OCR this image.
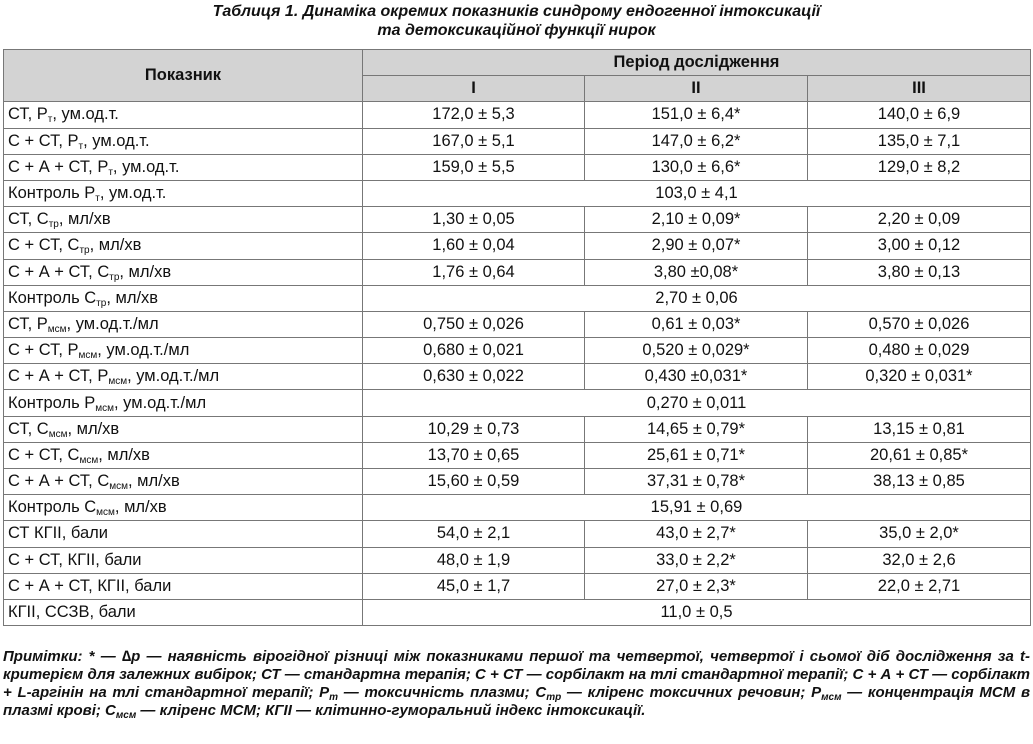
Таблиця 1. Динаміка окремих показників синдрому ендогенної інтоксикації
та детоксикаційної функції нирок
Показник	Період дослідження		
	I	II	III
СТ, $Р_т$, ум.од.т.	172,0 ± 5,3	151,0 ± 6,4*	140,0 ± 6,9
С + СТ, $Р_т$, ум.од.т.	167,0 ± 5,1	147,0 ± 6,2*	135,0 ± 7,1
С + А + СТ, $Р_т$, ум.од.т.	159,0 ± 5,5	130,0 ± 6,6*	129,0 ± 8,2
Контроль $Р_т$, ум.од.т.	103,0 ± 4,1		
СТ, $С_{тр}$, мл/хв	1,30 ± 0,05	2,10 ± 0,09*	2,20 ± 0,09
С + СТ, $С_{тр}$, мл/хв	1,60 ± 0,04	2,90 ± 0,07*	3,00 ± 0,12
С + А + СТ, $С_{тр}$, мл/хв	1,76 ± 0,64	3,80 ±0,08*	3,80 ± 0,13
Контроль $С_{тр}$, мл/хв	2,70 ± 0,06		
СТ, $Р_{мсм}$, ум.од.т./мл	0,750 ± 0,026	0,61 ± 0,03*	0,570 ± 0,026
С + СТ, $Р_{мсм}$, ум.од.т./мл	0,680 ± 0,021	0,520 ± 0,029*	0,480 ± 0,029
С + А + СТ, $Р_{мсм}$, ум.од.т./мл	0,630 ± 0,022	0,430 ±0,031*	0,320 ± 0,031*
Контроль $Р_{мсм}$, ум.од.т./мл	0,270 ± 0,011		
СТ, $С_{мсм}$, мл/хв	10,29 ± 0,73	14,65 ± 0,79*	13,15 ± 0,81
С + СТ, $С_{мсм}$, мл/хв	13,70 ± 0,65	25,61 ± 0,71*	20,61 ± 0,85*
С + А + СТ, $С_{мсм}$, мл/хв	15,60 ± 0,59	37,31 ± 0,78*	38,13 ± 0,85
Контроль $С_{мсм}$, мл/хв	15,91 ± 0,69		
СТ КГІІ, бали	54,0 ± 2,1	43,0 ± 2,7*	35,0 ± 2,0*
С + СТ, КГІІ, бали	48,0 ± 1,9	33,0 ± 2,2*	32,0 ± 2,6
С + А + СТ, КГІІ, бали	45,0 ± 1,7	27,0 ± 2,3*	22,0 ± 2,71
КГІІ, ССЗВ, бали	11,0 ± 0,5		
Примітки: * — ∆р — наявність вірогідної різниці між показниками першої та четвертої, четвертої і сьомої діб дослідження за t-критерієм для залежних вибірок; СТ — стандартна терапія; С + СТ — сорбілакт на тлі стандартної терапії; С + А + СТ — сорбілакт + L-аргінін на тлі стандартної терапії; $Р_т$ — токсичність плазми; $С_{тр}$ — кліренс токсичних речовин; $Р_{мсм}$ — концентрація МСМ в плазмі крові; $С_{мсм}$ — кліренс МСМ; КГІІ — клітинно-гуморальний індекс інтоксикації.
